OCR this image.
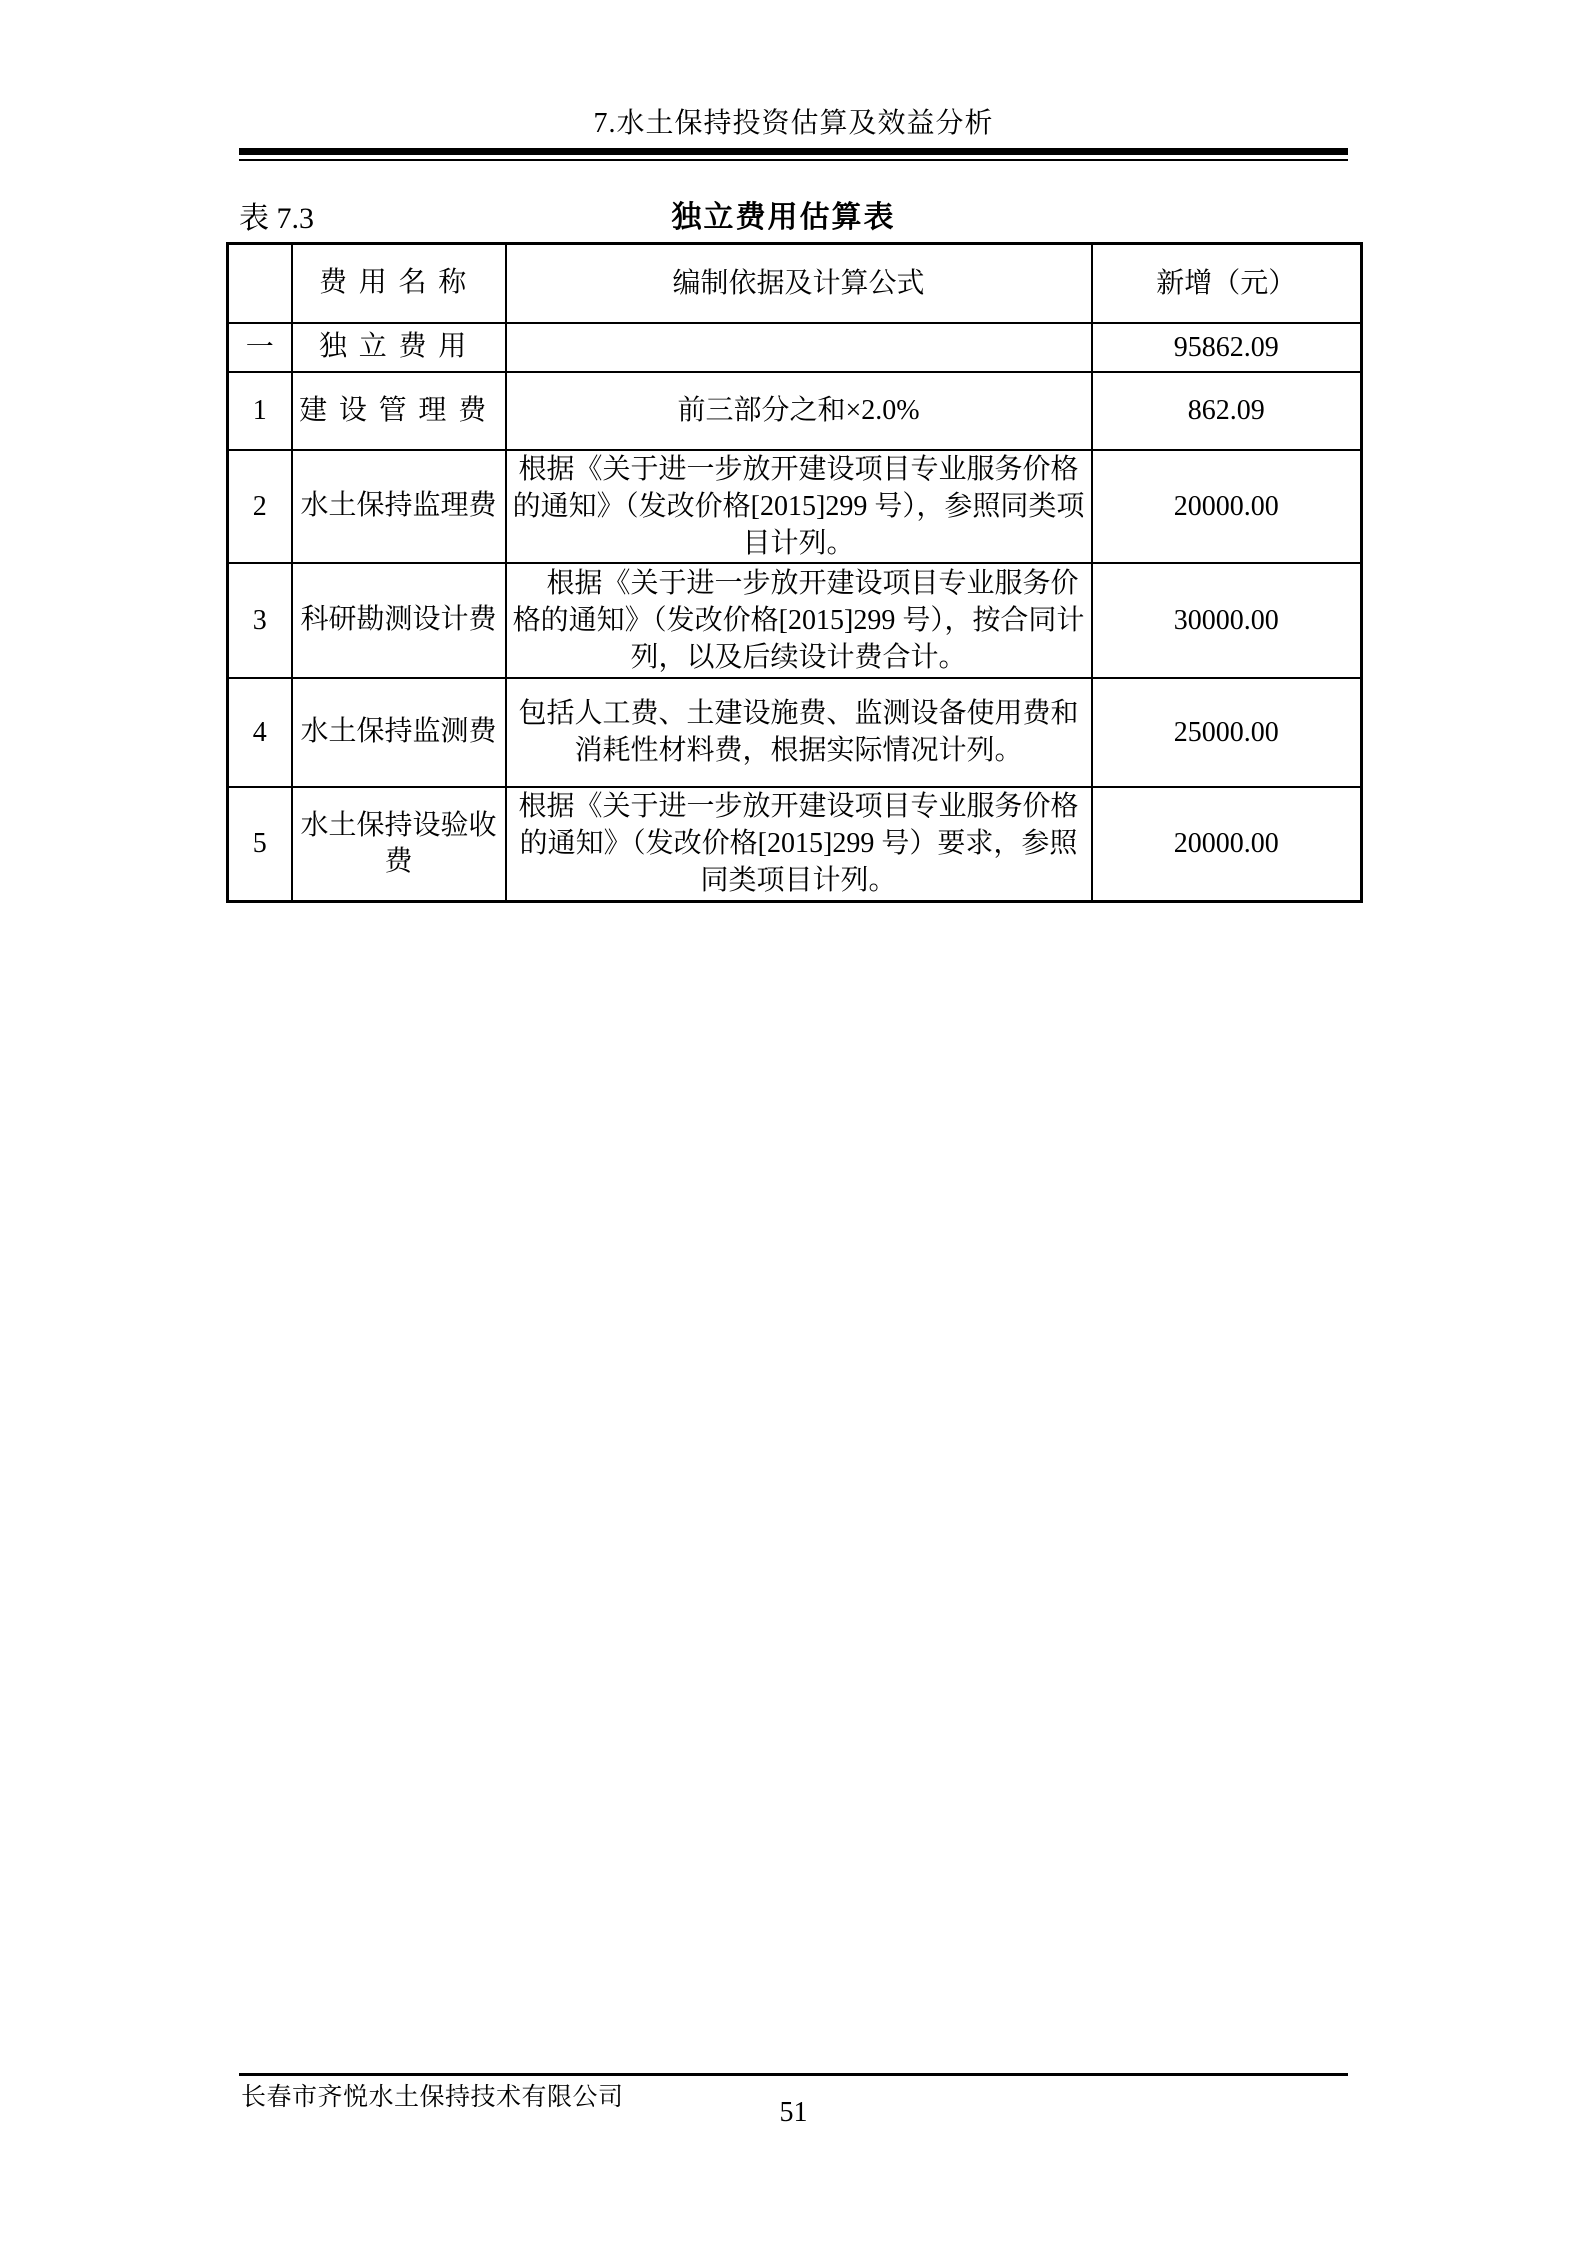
7.水土保持投资估算及效益分析
表 7.3	独立费用估算表
	费用名称	编制依据及计算公式	新增（元）
一	独立费用		95862.09
1	建设管理费	前三部分之和×2.0%	862.09
2	水土保持监理费	根据《关于进一步放开建设项目专业服务价格的通知》（发改价格[2015]299 号），参照同类项目计列。	20000.00
3	科研勘测设计费	　根据《关于进一步放开建设项目专业服务价格的通知》（发改价格[2015]299 号），按合同计列，以及后续设计费合计。	30000.00
4	水土保持监测费	包括人工费、土建设施费、监测设备使用费和消耗性材料费，根据实际情况计列。	25000.00
5	水土保持设验收费	根据《关于进一步放开建设项目专业服务价格的通知》（发改价格[2015]299 号）要求，参照同类项目计列。	20000.00
长春市齐悦水土保持技术有限公司	51
